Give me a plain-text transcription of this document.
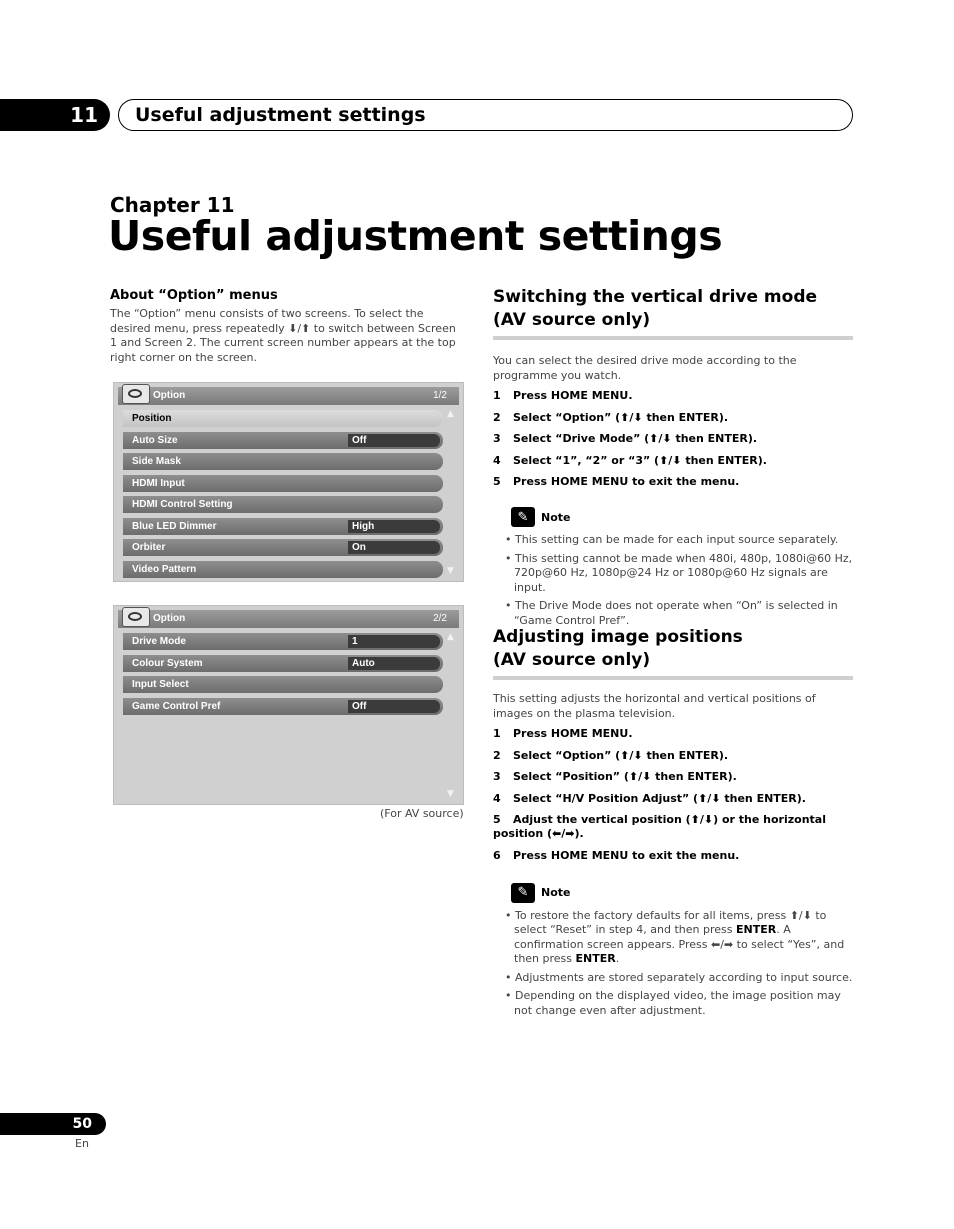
11	Useful adjustment settings
Chapter 11
Useful adjustment settings
About “Option” menus
The “Option” menu consists of two screens. To select the desired menu, press repeatedly ⬇/⬆ to switch between Screen 1 and Screen 2. The current screen number appears at the top right corner on the screen.
Option	1/2
Position
Auto Size	Off
Side Mask
HDMI Input
HDMI Control Setting
Blue LED Dimmer	High
Orbiter	On
Video Pattern
▲
▼
Option	2/2
Drive Mode	1
Colour System	Auto
Input Select
Game Control Pref	Off
▲
▼
(For AV source)
Switching the vertical drive mode
(AV source only)
You can select the desired drive mode according to the programme you watch.
1 Press HOME MENU.
2 Select “Option” (⬆/⬇ then ENTER).
3 Select “Drive Mode” (⬆/⬇ then ENTER).
4 Select “1”, “2” or “3” (⬆/⬇ then ENTER).
5 Press HOME MENU to exit the menu.
✎	Note
• This setting can be made for each input source separately.
• This setting cannot be made when 480i, 480p, 1080i@60 Hz, 720p@60 Hz, 1080p@24 Hz or 1080p@60 Hz signals are input.
• The Drive Mode does not operate when “On” is selected in “Game Control Pref”.
Adjusting image positions
(AV source only)
This setting adjusts the horizontal and vertical positions of images on the plasma television.
1 Press HOME MENU.
2 Select “Option” (⬆/⬇ then ENTER).
3 Select “Position” (⬆/⬇ then ENTER).
4 Select “H/V Position Adjust” (⬆/⬇ then ENTER).
5 Adjust the vertical position (⬆/⬇) or the horizontal position (⬅/➡).
6 Press HOME MENU to exit the menu.
✎	Note
• To restore the factory defaults for all items, press ⬆/⬇ to select “Reset” in step 4, and then press ENTER. A confirmation screen appears. Press ⬅/➡ to select “Yes”, and then press ENTER.
• Adjustments are stored separately according to input source.
• Depending on the displayed video, the image position may not change even after adjustment.
50
En
